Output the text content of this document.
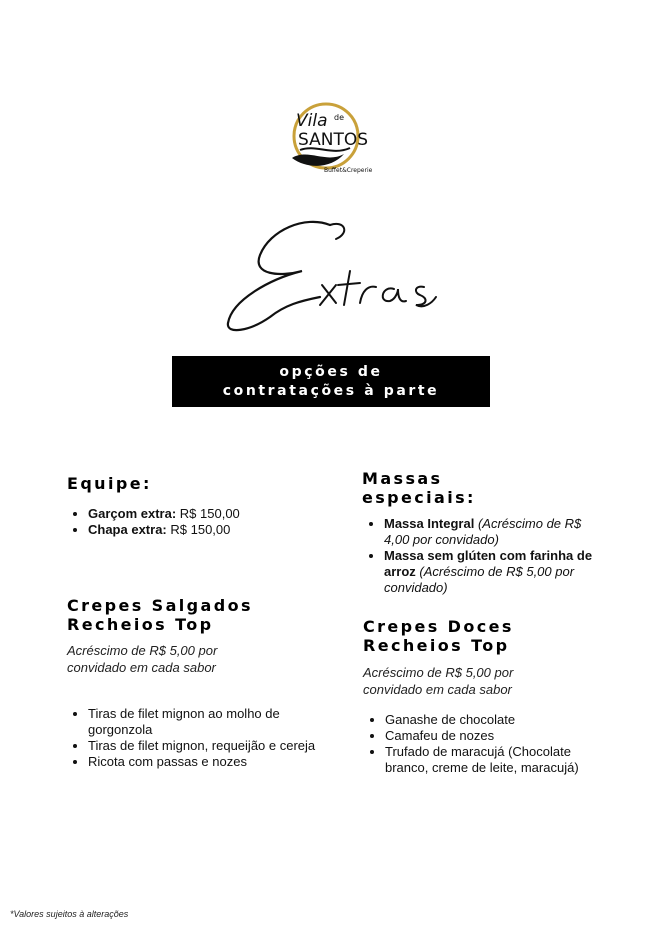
Vila de
SANTOS
Buffet&Creperie
opções de
contratações à parte
Equipe:
• Garçom extra: R$ 150,00
• Chapa extra: R$ 150,00
Massas
especiais:
• Massa Integral (Acréscimo de R$ 4,00 por convidado)
• Massa sem glúten com farinha de arroz (Acréscimo de R$ 5,00 por convidado)
Crepes Salgados
Recheios Top
Acréscimo de R$ 5,00 por convidado em cada sabor
• Tiras de filet mignon ao molho de gorgonzola
• Tiras de filet mignon, requeijão e cereja
• Ricota com passas e nozes
Crepes Doces
Recheios Top
Acréscimo de R$ 5,00 por convidado em cada sabor
• Ganashe de chocolate
• Camafeu de nozes
• Trufado de maracujá (Chocolate branco, creme de leite, maracujá)
*Valores sujeitos à alterações
